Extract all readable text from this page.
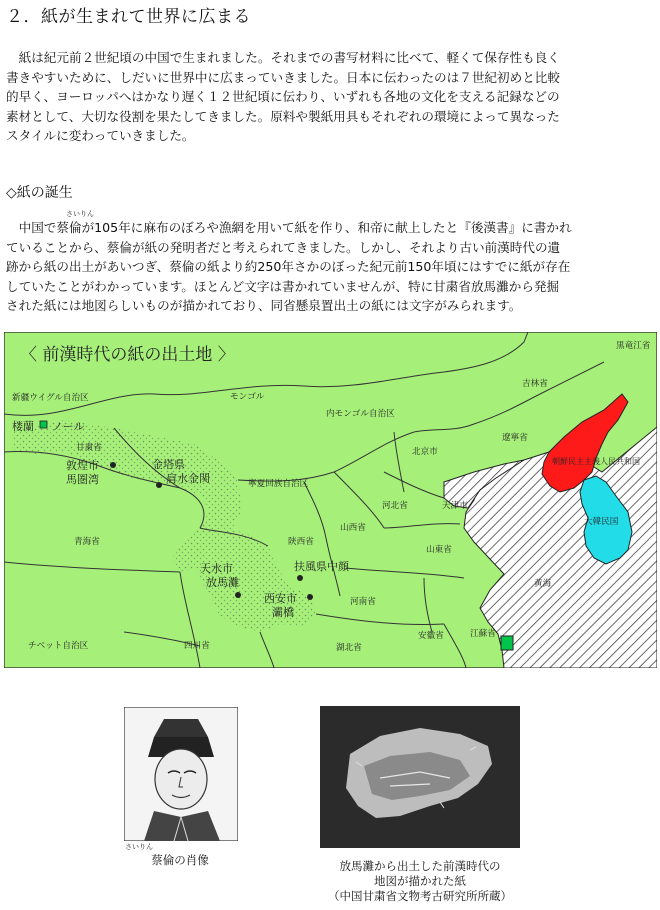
２．紙が生まれて世界に広まる
　紙は紀元前２世紀頃の中国で生まれました。それまでの書写材料に比べて、軽くて保存性も良く
書きやすいために、しだいに世界中に広まっていきました。日本に伝わったのは７世紀初めと比較
的早く、ヨーロッパへはかなり遅く１２世紀頃に伝わり、いずれも各地の文化を支える記録などの
素材として、大切な役割を果たしてきました。原料や製紙用具もそれぞれの環境によって異なった
スタイルに変わっていきました。
◇紙の誕生
さいりん
　中国で蔡倫が105年に麻布のぼろや漁網を用いて紙を作り、和帝に献上したと『後漢書』に書かれ
ていることから、蔡倫が紙の発明者だと考えられてきました。しかし、それより古い前漢時代の遺
跡から紙の出土があいつぎ、蔡倫の紙より約250年さかのぼった紀元前150年頃にはすでに紙が存在
していたことがわかっています。ほとんど文字は書かれていませんが、特に甘粛省放馬灘から発掘
された紙には地図らしいものが描かれており、同省懸泉置出土の紙には文字がみられます。
〈 前漢時代の紙の出土地 〉	黒竜江省
吉林省
モンゴル
内モンゴル自治区
新疆ウイグル自治区
甘粛省
遼寧省
北京市
朝鮮民主主義人民共和国
寧夏回族自治区
天津市
河北省
大韓民国
青海省
山西省
陝西省
山東省
黄海
河南省
チベット自治区	四川省	湖北省
安徽省	江蘇省
楼蘭 ノール
敦煌市
馬圏湾
金塔県
肩水金関
天水市
放馬灘
扶風県中顔
西安市
灞橋
さいりん
蔡倫の肖像	放馬灘から出土した前漢時代の
地図が描かれた紙
（中国甘粛省文物考古研究所所蔵）
